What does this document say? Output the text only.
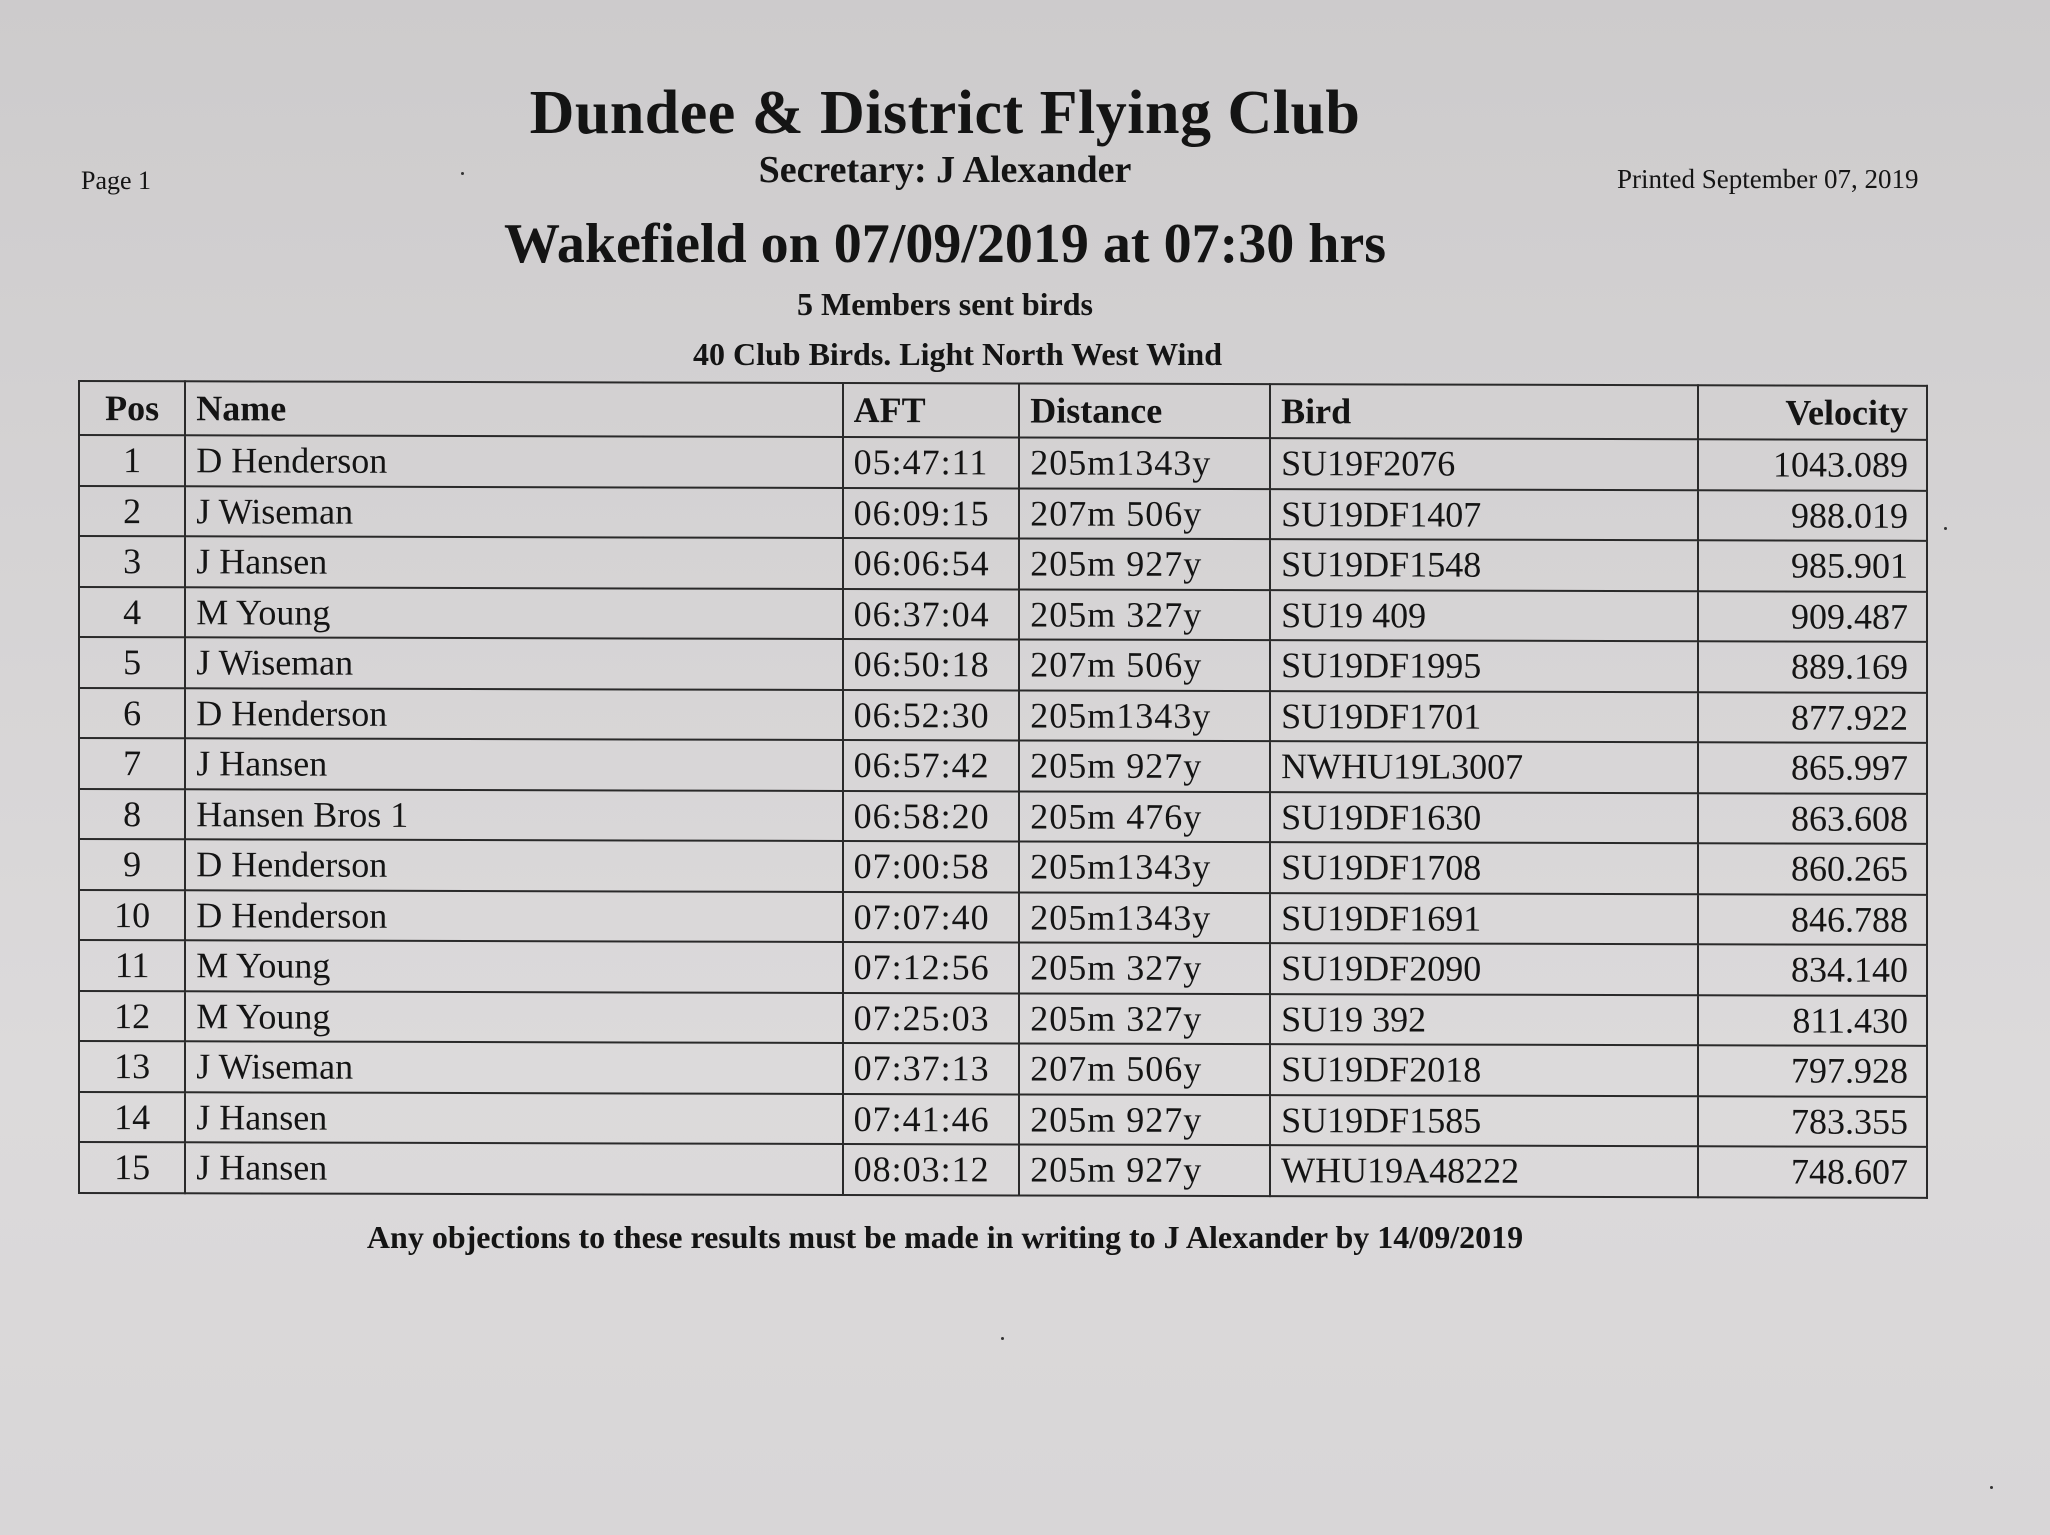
Dundee & District Flying Club
Page 1	Secretary: J Alexander	Printed September 07, 2019
Wakefield on 07/09/2019 at 07:30 hrs
5 Members sent birds
40 Club Birds. Light North West Wind
Pos	Name	AFT	Distance	Bird	Velocity
1	D Henderson	05:47:11	205m1343y	SU19F2076	1043.089
2	J Wiseman	06:09:15	207m 506y	SU19DF1407	988.019
3	J Hansen	06:06:54	205m 927y	SU19DF1548	985.901
4	M Young	06:37:04	205m 327y	SU19 409	909.487
5	J Wiseman	06:50:18	207m 506y	SU19DF1995	889.169
6	D Henderson	06:52:30	205m1343y	SU19DF1701	877.922
7	J Hansen	06:57:42	205m 927y	NWHU19L3007	865.997
8	Hansen Bros 1	06:58:20	205m 476y	SU19DF1630	863.608
9	D Henderson	07:00:58	205m1343y	SU19DF1708	860.265
10	D Henderson	07:07:40	205m1343y	SU19DF1691	846.788
11	M Young	07:12:56	205m 327y	SU19DF2090	834.140
12	M Young	07:25:03	205m 327y	SU19 392	811.430
13	J Wiseman	07:37:13	207m 506y	SU19DF2018	797.928
14	J Hansen	07:41:46	205m 927y	SU19DF1585	783.355
15	J Hansen	08:03:12	205m 927y	WHU19A48222	748.607
Any objections to these results must be made in writing to J Alexander by 14/09/2019
